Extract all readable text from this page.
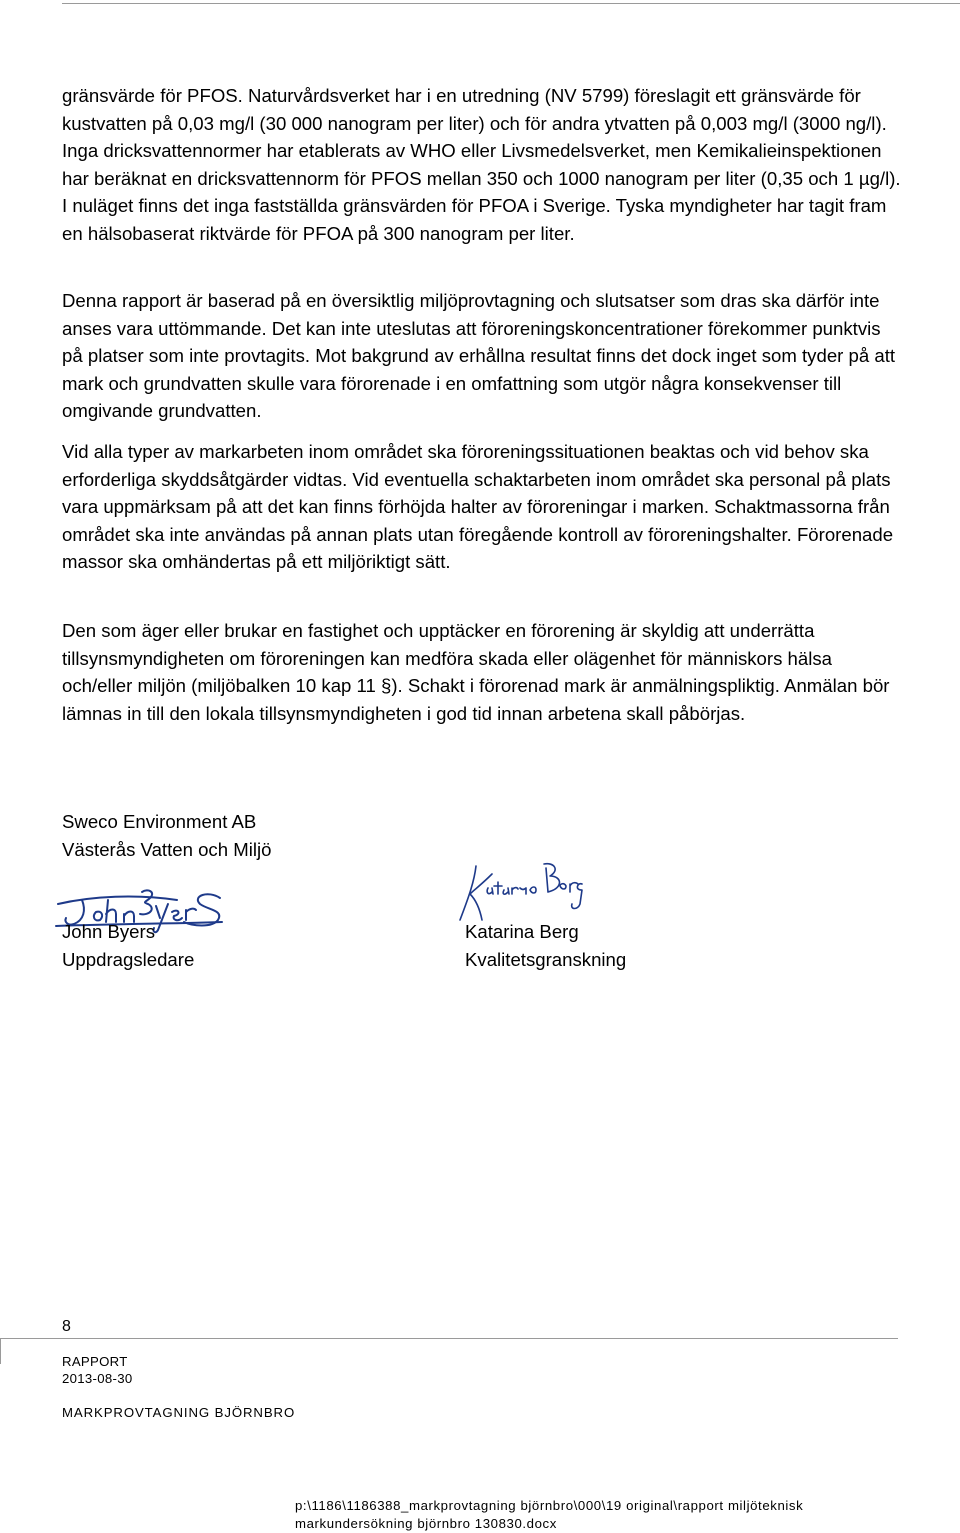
gränsvärde för PFOS. Naturvårdsverket har i en utredning (NV 5799) föreslagit ett gränsvärde för kustvatten på 0,03 mg/l (30 000 nanogram per liter) och för andra ytvatten på 0,003 mg/l (3000 ng/l). Inga dricksvattennormer har etablerats av WHO eller Livsmedelsverket, men Kemikalieinspektionen har beräknat en dricksvattennorm för PFOS mellan 350 och 1000 nanogram per liter (0,35 och 1 µg/l). I nuläget finns det inga fastställda gränsvärden för PFOA i Sverige. Tyska myndigheter har tagit fram en hälsobaserat riktvärde för PFOA på 300 nanogram per liter.

Denna rapport är baserad på en översiktlig miljöprovtagning och slutsatser som dras ska därför inte anses vara uttömmande. Det kan inte uteslutas att föroreningskoncentrationer förekommer punktvis på platser som inte provtagits. Mot bakgrund av erhållna resultat finns det dock inget som tyder på att mark och grundvatten skulle vara förorenade i en omfattning som utgör några konsekvenser till omgivande grundvatten.

Vid alla typer av markarbeten inom området ska föroreningssituationen beaktas och vid behov ska erforderliga skyddsåtgärder vidtas. Vid eventuella schaktarbeten inom området ska personal på plats vara uppmärksam på att det kan finns förhöjda halter av föroreningar i marken. Schaktmassorna från området ska inte användas på annan plats utan föregående kontroll av föroreningshalter. Förorenade massor ska omhändertas på ett miljöriktigt sätt.

Den som äger eller brukar en fastighet och upptäcker en förorening är skyldig att underrätta tillsynsmyndigheten om föroreningen kan medföra skada eller olägenhet för människors hälsa och/eller miljön (miljöbalken 10 kap 11 §). Schakt i förorenad mark är anmälningspliktig. Anmälan bör lämnas in till den lokala tillsynsmyndigheten i god tid innan arbetena skall påbörjas.

Sweco Environment AB
Västerås Vatten och Miljö
John Byers
Uppdragsledare
Katarina Berg
Kvalitetsgranskning
8
RAPPORT
2013-08-30
MARKPROVTAGNING BJÖRNBRO
p:\1186\1186388_markprovtagning björnbro\000\19 original\rapport miljöteknisk
markundersökning björnbro 130830.docx
